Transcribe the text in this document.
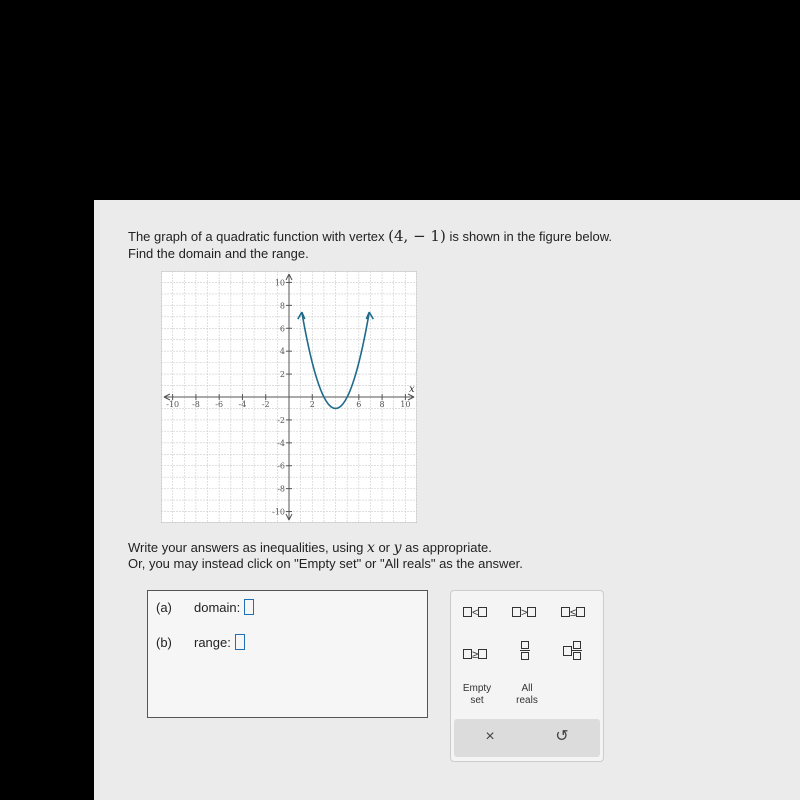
The graph of a quadratic function with vertex (4, − 1) is shown in the figure below.
Find the domain and the range.
-10 -8 -6 -4 -2	2	6 8 10
10
8
6
4
2
-2
-4
-6
-8
-10
x
Write your answers as inequalities, using x or y as appropriate.
Or, you may instead click on "Empty set" or "All reals" as the answer.
(a) domain:
(b) range:
<	>	≤
≥
Empty
set
All
reals
×	↺
